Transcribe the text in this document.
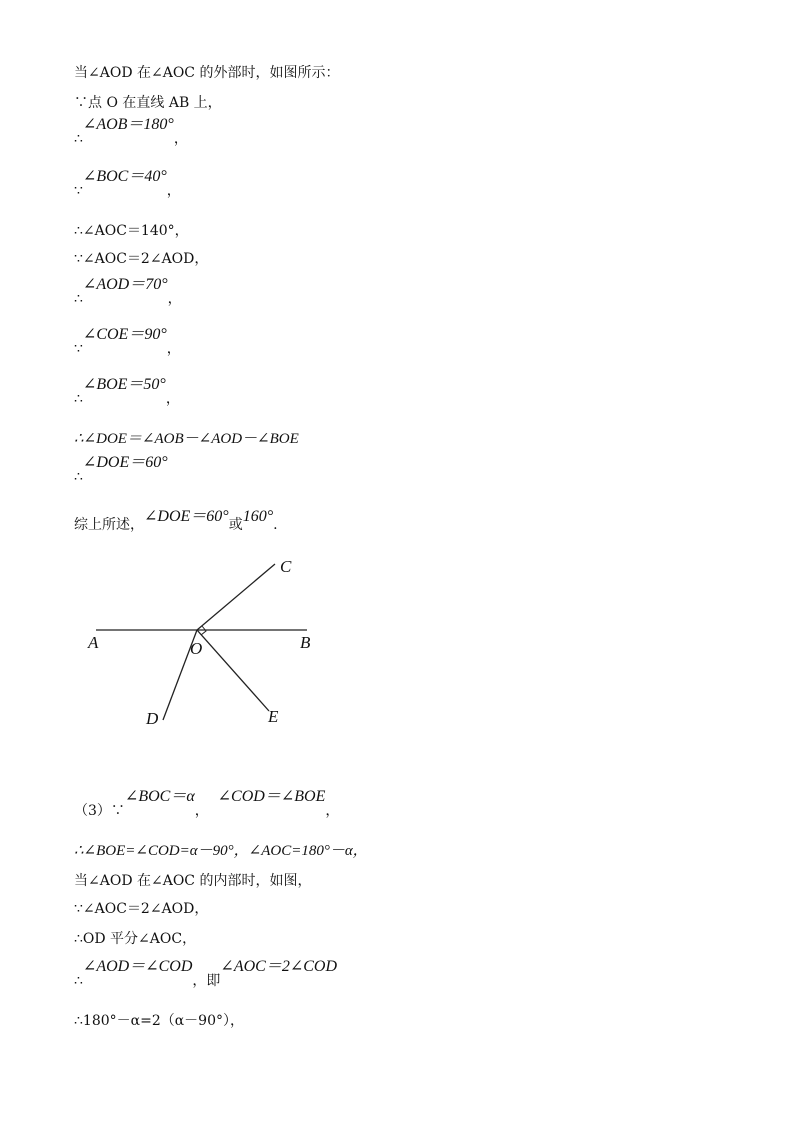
当∠AOD 在∠AOC 的外部时，如图所示：
∵点 O 在直线 AB 上，
∴∠AOB＝180°，
∵∠BOC＝40°，
∴∠AOC＝140°，
∵∠AOC＝2∠AOD，
∴∠AOD＝70°，
∵∠COE＝90°，
∴∠BOE＝50°，
∴∠DOE＝∠AOB－∠AOD－∠BOE
∴∠DOE＝60°
综上所述，∠DOE＝60°或160°.
A	B
C
O
D	E
（3）∵∠BOC＝α，  ∠COD＝∠BOE，
∴∠BOE=∠COD=α－90°，∠AOC=180°－α，
当∠AOD 在∠AOC 的内部时，如图，
∵∠AOC＝2∠AOD，
∴OD 平分∠AOC，
∴∠AOD＝∠COD，即∠AOC＝2∠COD
∴180°－α=2（α－90°），
